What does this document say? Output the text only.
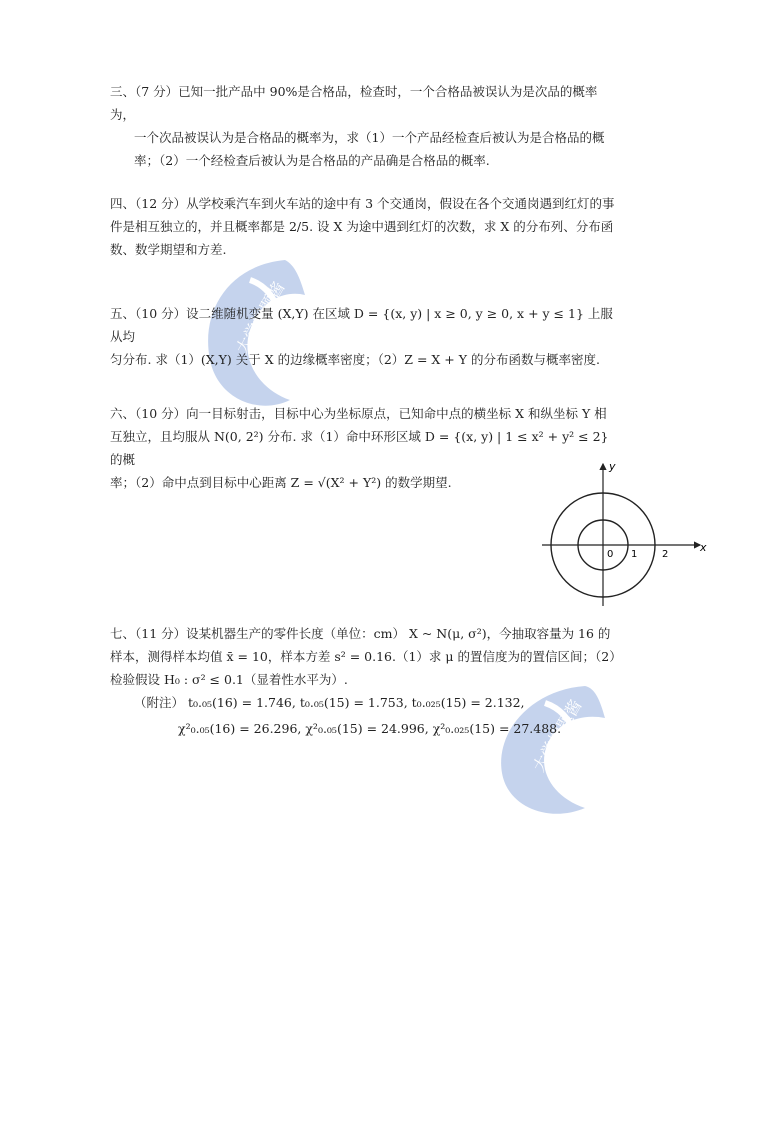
大学搜题酱
大学搜题酱

三、（7 分）已知一批产品中 90%是合格品，检查时，一个合格品被误认为是次品的概率为，

一个次品被误认为是合格品的概率为，求（1）一个产品经检查后被认为是合格品的概

率；（2）一个经检查后被认为是合格品的产品确是合格品的概率.

四、（12 分）从学校乘汽车到火车站的途中有 3 个交通岗，假设在各个交通岗遇到红灯的事

件是相互独立的，并且概率都是 2/5. 设 X 为途中遇到红灯的次数，求 X 的分布列、分布函

数、数学期望和方差.

五、（10 分）设二维随机变量 (X,Y) 在区域 D = {(x, y) | x ≥ 0, y ≥ 0, x + y ≤ 1} 上服从均

匀分布. 求（1）(X,Y) 关于 X 的边缘概率密度；（2）Z = X + Y 的分布函数与概率密度.

六、（10 分）向一目标射击，目标中心为坐标原点，已知命中点的横坐标 X 和纵坐标 Y 相

互独立，且均服从 N(0, 2²) 分布. 求（1）命中环形区域 D = {(x, y) | 1 ≤ x² + y² ≤ 2} 的概

率；（2）命中点到目标中心距离 Z = √(X² + Y²) 的数学期望.

x
y
0 1 2

七、（11 分）设某机器生产的零件长度（单位：cm） X ~ N(μ, σ²)，今抽取容量为 16 的

样本，测得样本均值 x̄ = 10，样本方差 s² = 0.16.（1）求 μ 的置信度为的置信区间；（2）

检验假设 H₀ : σ² ≤ 0.1（显着性水平为）.

（附注） t₀.₀₅(16) = 1.746, t₀.₀₅(15) = 1.753, t₀.₀₂₅(15) = 2.132,

χ²₀.₀₅(16) = 26.296, χ²₀.₀₅(15) = 24.996, χ²₀.₀₂₅(15) = 27.488.
